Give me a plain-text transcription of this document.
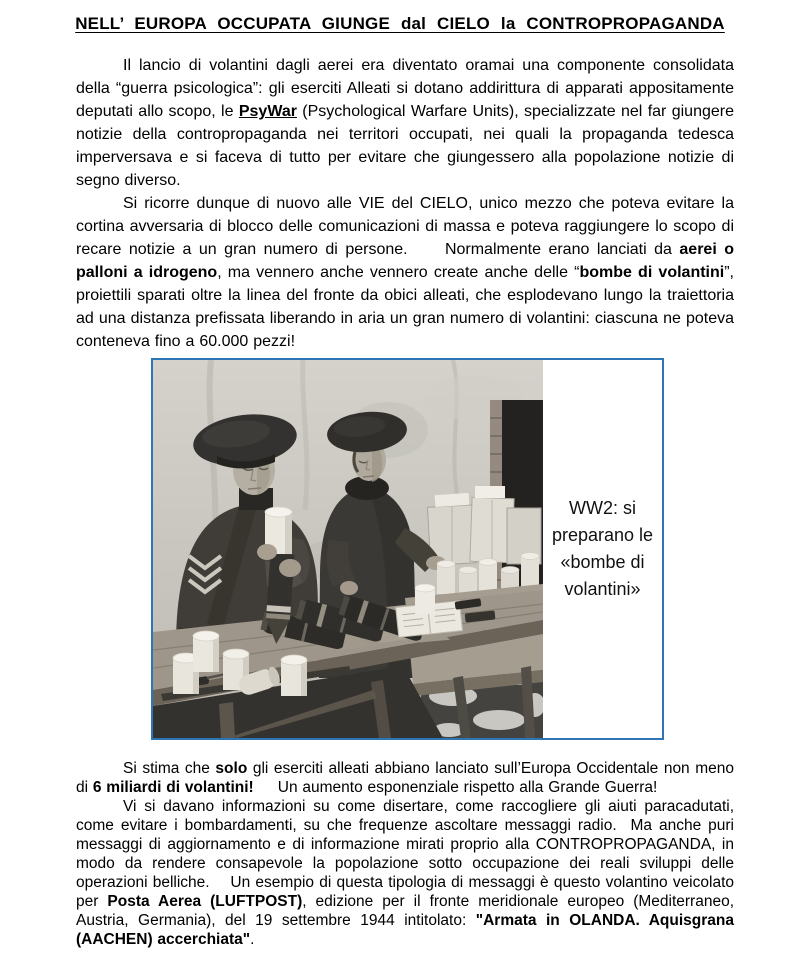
NELL’ EUROPA OCCUPATA GIUNGE dal CIELO la CONTROPROPAGANDA

Il lancio di volantini dagli aerei era diventato oramai una componente consolidata della “guerra psicologica”: gli eserciti Alleati si dotano addirittura di apparati appositamente deputati allo scopo, le PsyWar (Psychological Warfare Units), specializzate nel far giungere notizie della contropropaganda nei territori occupati, nei quali la propaganda tedesca imperversava e si faceva di tutto per evitare che giungessero alla popolazione notizie di segno diverso.

Si ricorre dunque di nuovo alle VIE del CIELO, unico mezzo che poteva evitare la cortina avversaria di blocco delle comunicazioni di massa e poteva raggiungere lo scopo di recare notizie a un gran numero di persone.     Normalmente erano lanciati da aerei o palloni a idrogeno, ma vennero anche vennero create anche delle “bombe di volantini”, proiettili sparati oltre la linea del fronte da obici alleati, che esplodevano lungo la traiettoria ad una distanza prefissata liberando in aria un gran numero di volantini: ciascuna ne poteva conteneva fino a 60.000 pezzi!

WW2: si preparano le «bombe di volantini»

Si stima che solo gli eserciti alleati abbiano lanciato sull’Europa Occidentale non meno di 6 miliardi di volantini!     Un aumento esponenziale rispetto alla Grande Guerra!

Vi si davano informazioni su come disertare, come raccogliere gli aiuti paracadutati, come evitare i bombardamenti, su che frequenze ascoltare messaggi radio.  Ma anche puri messaggi di aggiornamento e di informazione mirati proprio alla CONTROPROPAGANDA, in modo da rendere consapevole la popolazione sotto occupazione dei reali sviluppi delle operazioni belliche.    Un esempio di questa tipologia di messaggi è questo volantino veicolato per Posta Aerea (LUFTPOST), edizione per il fronte meridionale europeo (Mediterraneo, Austria, Germania), del 19 settembre 1944 intitolato: "Armata in OLANDA. Aquisgrana (AACHEN) accerchiata".
